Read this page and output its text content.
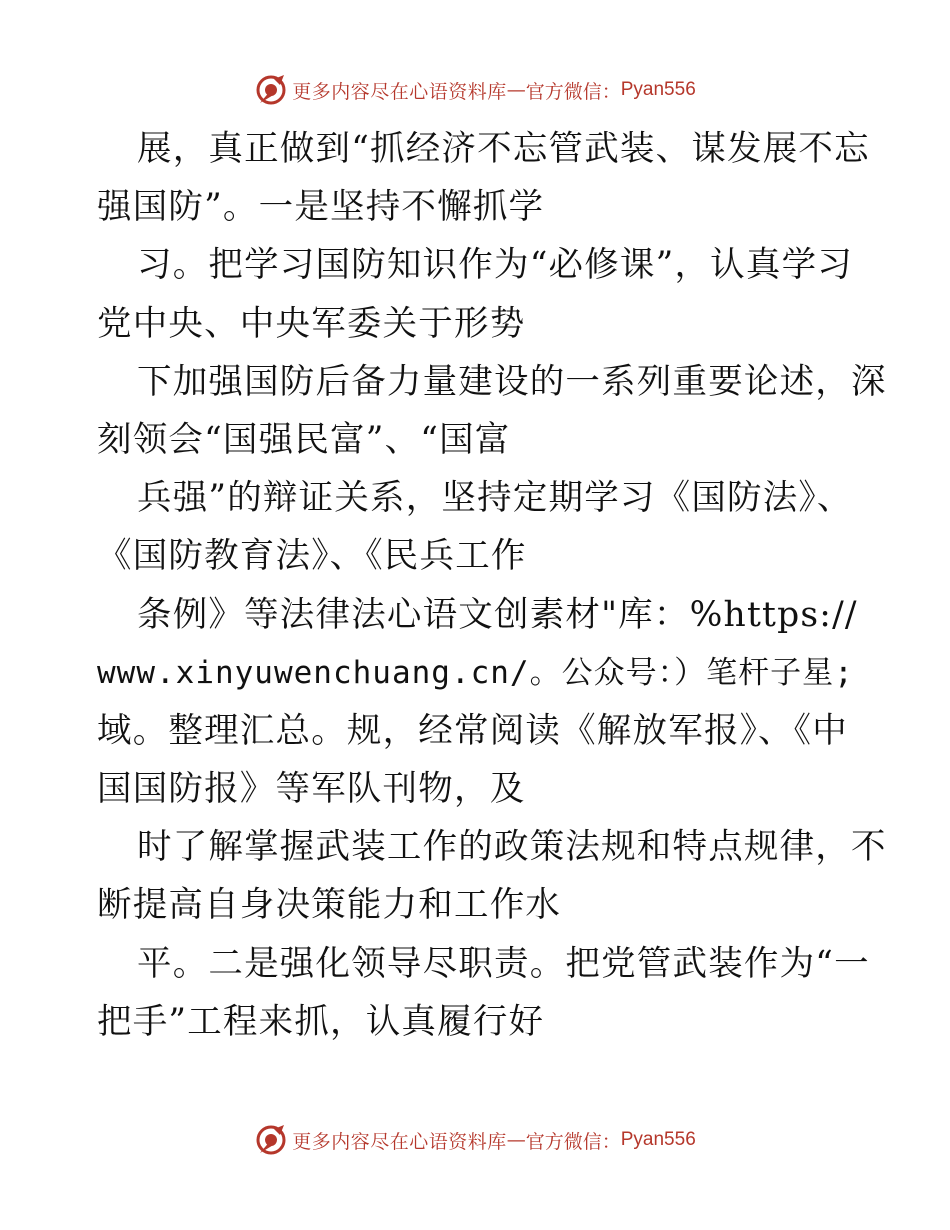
更多内容尽在心语资料库 — 官方微信： Pyan556
展，真正做到“抓经济不忘管武装、谋发展不忘
强国防”。一是坚持不懈抓学
习。把学习国防知识作为“必修课”，认真学习
党中央、中央军委关于形势
下加强国防后备力量建设的一系列重要论述，深
刻领会“国强民富”、“国富
兵强”的辩证关系，坚持定期学习《国防法》、
《国防教育法》、《民兵工作
条例》等法律法心语文创素材"库：%https://
www.xinyuwenchuang.cn/。公众号：）笔杆子星;
域。整理汇总。规，经常阅读《解放军报》、《中
国国防报》等军队刊物，及
时了解掌握武装工作的政策法规和特点规律，不
断提高自身决策能力和工作水
平。二是强化领导尽职责。把党管武装作为“一
把手”工程来抓，认真履行好
更多内容尽在心语资料库 — 官方微信： Pyan556
